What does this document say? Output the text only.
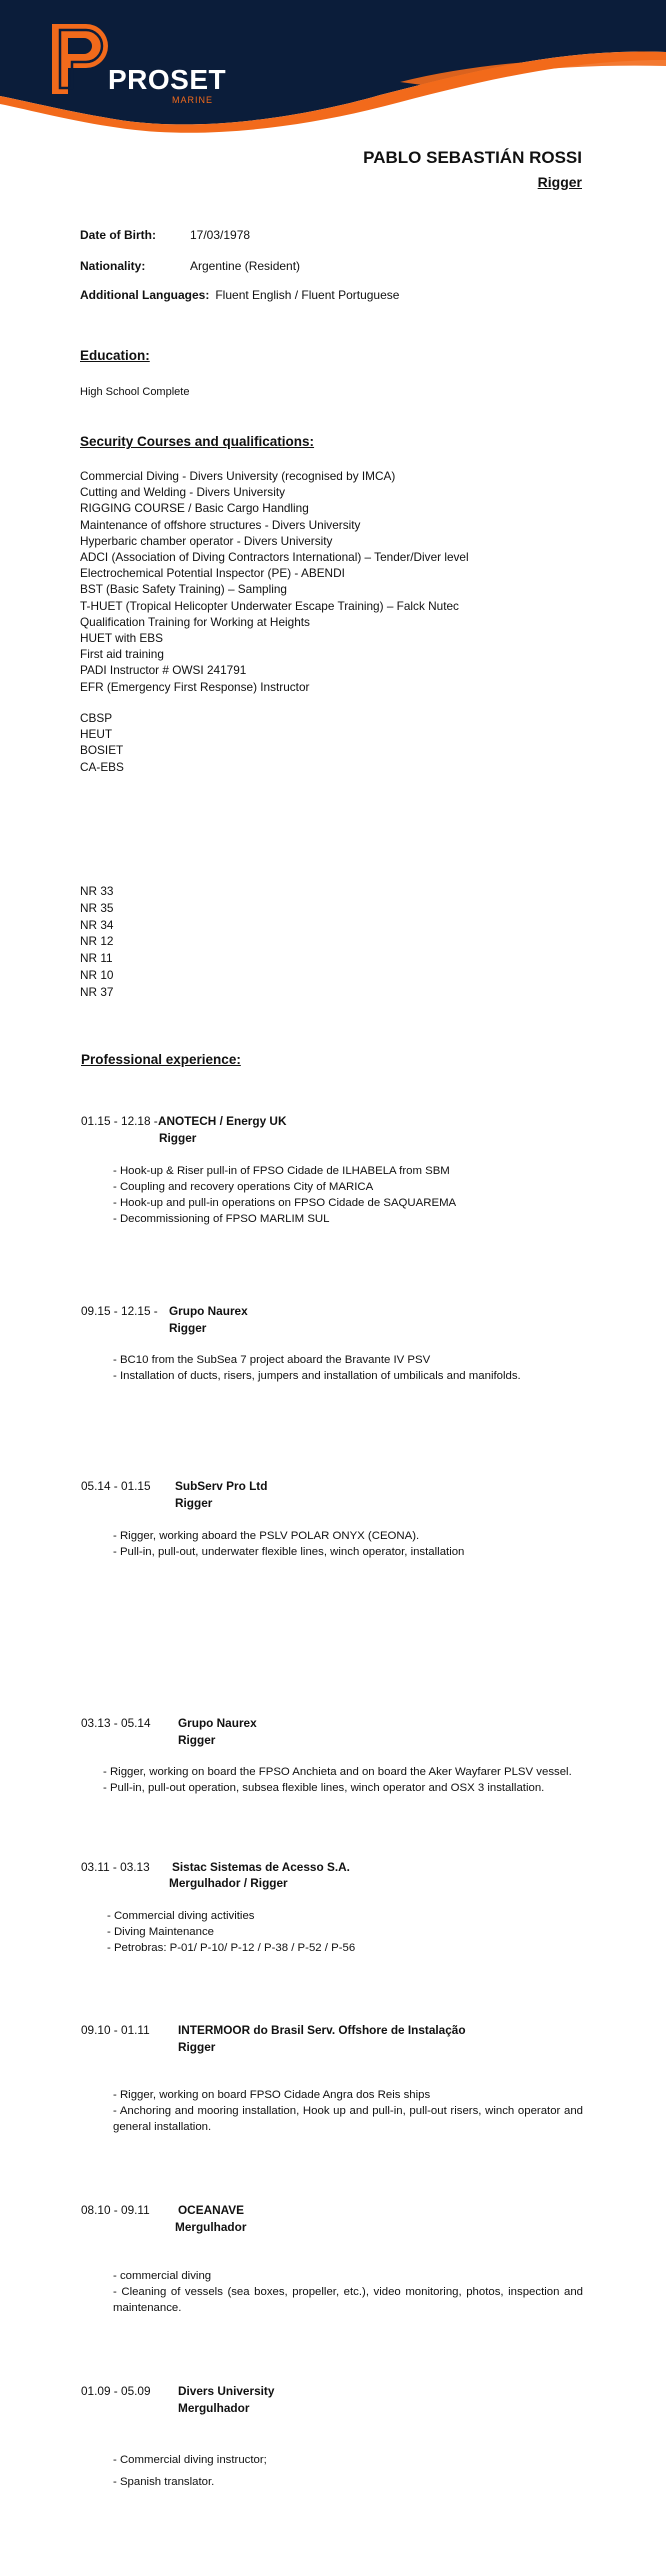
PROSET
MARINE
PABLO SEBASTIÁN ROSSI
Rigger
Date of Birth:	17/03/1978
Nationality:	Argentine (Resident)
Additional Languages: Fluent English / Fluent Portuguese
Education:
High School Complete
Security Courses and qualifications:
Commercial Diving - Divers University (recognised by IMCA)
Cutting and Welding - Divers University
RIGGING COURSE / Basic Cargo Handling
Maintenance of offshore structures - Divers University
Hyperbaric chamber operator - Divers University
ADCI (Association of Diving Contractors International) – Tender/Diver level
Electrochemical Potential Inspector (PE) - ABENDI
BST (Basic Safety Training) – Sampling
T-HUET (Tropical Helicopter Underwater Escape Training) – Falck Nutec
Qualification Training for Working at Heights
HUET with EBS
First aid training
PADI Instructor # OWSI 241791
EFR (Emergency First Response) Instructor
CBSP
HEUT
BOSIET
CA-EBS
NR 33
NR 35
NR 34
NR 12
NR 11
NR 10
NR 37
Professional experience:
01.15 - 12.18 - ANOTECH / Energy UK
Rigger
- Hook-up & Riser pull-in of FPSO Cidade de ILHABELA from SBM
- Coupling and recovery operations City of MARICA
- Hook-up and pull-in operations on FPSO Cidade de SAQUAREMA
- Decommissioning of FPSO MARLIM SUL
09.15 - 12.15 - Grupo Naurex
Rigger
- BC10 from the SubSea 7 project aboard the Bravante IV PSV
- Installation of ducts, risers, jumpers and installation of umbilicals and manifolds.
05.14 - 01.15 SubServ Pro Ltd
Rigger
- Rigger, working aboard the PSLV POLAR ONYX (CEONA).
- Pull-in, pull-out, underwater flexible lines, winch operator, installation
03.13 - 05.14 Grupo Naurex
Rigger
- Rigger, working on board the FPSO Anchieta and on board the Aker Wayfarer PLSV vessel.
- Pull-in, pull-out operation, subsea flexible lines, winch operator and OSX 3 installation.
03.11 - 03.13 Sistac Sistemas de Acesso S.A.
Mergulhador / Rigger
- Commercial diving activities
- Diving Maintenance
- Petrobras: P-01/ P-10/ P-12 / P-38 / P-52 / P-56
09.10 - 01.11 INTERMOOR do Brasil Serv. Offshore de Instalação
Rigger
- Rigger, working on board FPSO Cidade Angra dos Reis ships
- Anchoring and mooring installation, Hook up and pull-in, pull-out risers, winch operator and general installation.
08.10 - 09.11 OCEANAVE
Mergulhador
- commercial diving
- Cleaning of vessels (sea boxes, propeller, etc.), video monitoring, photos, inspection and maintenance.
01.09 - 05.09 Divers University
Mergulhador
- Commercial diving instructor;
- Spanish translator.
